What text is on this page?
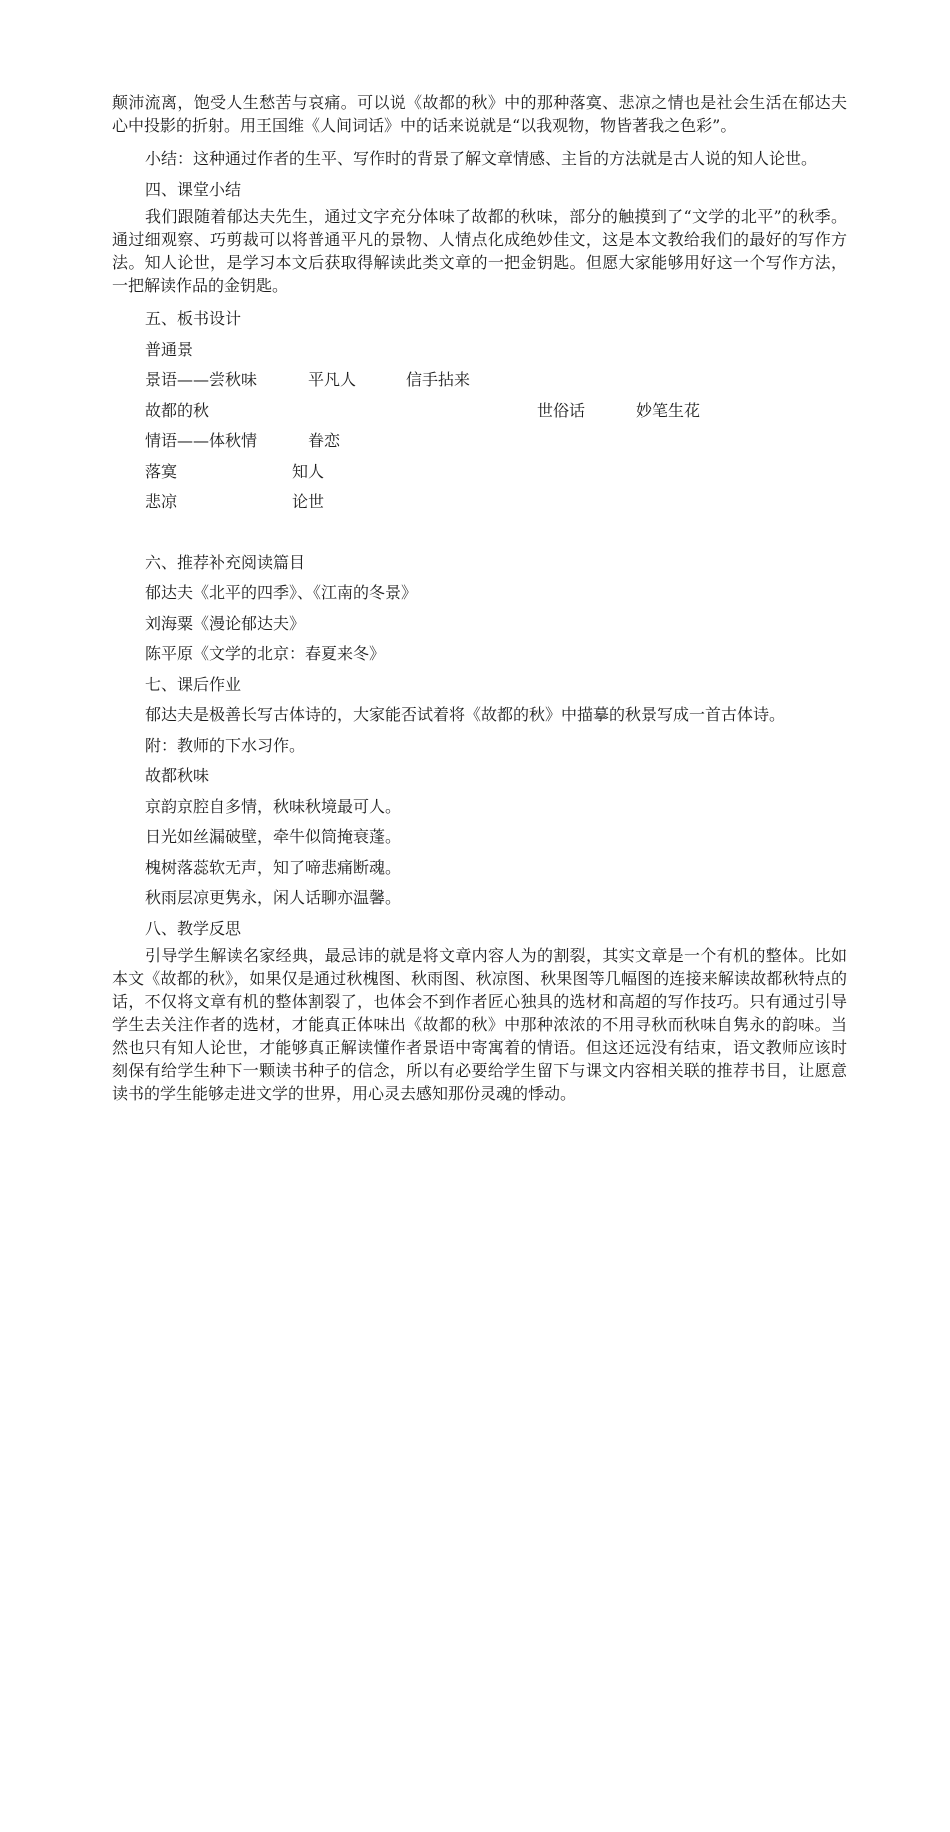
颠沛流离，饱受人生愁苦与哀痛。可以说《故都的秋》中的那种落寞、悲凉之情也是社会生活在郁达夫心中投影的折射。用王国维《人间词话》中的话来说就是“以我观物，物皆著我之色彩”。

小结：这种通过作者的生平、写作时的背景了解文章情感、主旨的方法就是古人说的知人论世。
四、课堂小结

我们跟随着郁达夫先生，通过文字充分体味了故都的秋味，部分的触摸到了“文学的北平”的秋季。通过细观察、巧剪裁可以将普通平凡的景物、人情点化成绝妙佳文，这是本文教给我们的最好的写作方法。知人论世，是学习本文后获取得解读此类文章的一把金钥匙。但愿大家能够用好这一个写作方法，一把解读作品的金钥匙。

五、板书设计
普通景
景语——尝秋味	平凡人	信手拈来
故都的秋	世俗话	妙笔生花
情语——体秋情	眷恋
落寞	知人
悲凉	论世
六、推荐补充阅读篇目
郁达夫《北平的四季》、《江南的冬景》
刘海粟《漫论郁达夫》
陈平原《文学的北京：春夏来冬》
七、课后作业
郁达夫是极善长写古体诗的，大家能否试着将《故都的秋》中描摹的秋景写成一首古体诗。
附：教师的下水习作。
故都秋味
京韵京腔自多情，秋味秋境最可人。
日光如丝漏破壁，牵牛似筒掩衰蓬。
槐树落蕊软无声，知了啼悲痛断魂。
秋雨层凉更隽永，闲人话聊亦温馨。
八、教学反思

引导学生解读名家经典，最忌讳的就是将文章内容人为的割裂，其实文章是一个有机的整体。比如本文《故都的秋》，如果仅是通过秋槐图、秋雨图、秋凉图、秋果图等几幅图的连接来解读故都秋特点的话，不仅将文章有机的整体割裂了，也体会不到作者匠心独具的选材和高超的写作技巧。只有通过引导学生去关注作者的选材，才能真正体味出《故都的秋》中那种浓浓的不用寻秋而秋味自隽永的韵味。当然也只有知人论世，才能够真正解读懂作者景语中寄寓着的情语。但这还远没有结束，语文教师应该时刻保有给学生种下一颗读书种子的信念，所以有必要给学生留下与课文内容相关联的推荐书目，让愿意读书的学生能够走进文学的世界，用心灵去感知那份灵魂的悸动。
